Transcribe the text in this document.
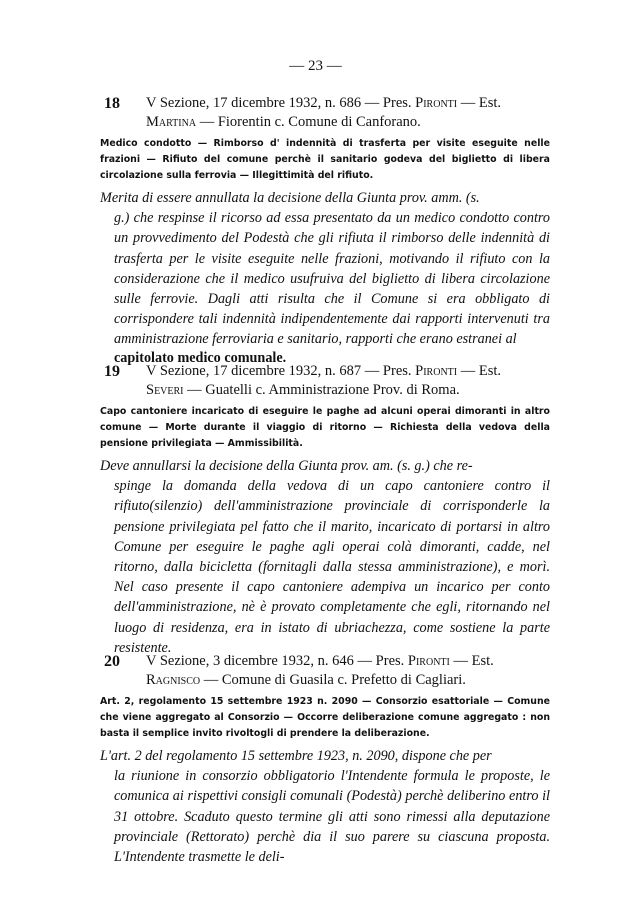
— 23 —
18 V Sezione, 17 dicembre 1932, n. 686 — Pres. Pironti — Est.
Martina — Fiorentin c. Comune di Canforano.
Medico condotto — Rimborso d' indennità di trasferta per visite eseguite nelle frazioni — Rifiuto del comune perchè il sanitario godeva del biglietto di libera circolazione sulla ferrovia — Illegittimità del rifiuto.
Merita di essere annullata la decisione della Giunta prov. amm. (s.
g.) che respinse il ricorso ad essa presentato da un medico condotto contro un provvedimento del Podestà che gli rifiuta il rimborso delle indennità di trasferta per le visite eseguite nelle frazioni, motivando il rifiuto con la considerazione che il medico usufruiva del biglietto di libera circolazione sulle ferrovie. Dagli atti risulta che il Comune si era obbligato di corrispondere tali indennità indipendentemente dai rapporti intervenuti tra amministrazione ferroviaria e sanitario, rapporti che erano estranei al
capitolato medico comunale.
19 V Sezione, 17 dicembre 1932, n. 687 — Pres. Pironti — Est.
Severi — Guatelli c. Amministrazione Prov. di Roma.
Capo cantoniere incaricato di eseguire le paghe ad alcuni operai dimoranti in altro comune — Morte durante il viaggio di ritorno — Richiesta della vedova della pensione privilegiata — Ammissibilità.
Deve annullarsi la decisione della Giunta prov. am. (s. g.) che re-
spinge la domanda della vedova di un capo cantoniere contro il rifiuto(silenzio) dell'amministrazione provinciale di corrisponderle la pensione privilegiata pel fatto che il marito, incaricato di portarsi in altro Comune per eseguire le paghe agli operai colà dimoranti, cadde, nel ritorno, dalla bicicletta (fornitagli dalla stessa amministrazione), e morì. Nel caso presente il capo cantoniere adempiva un incarico per conto dell'amministrazione, nè è provato completamente che egli, ritornando nel luogo di residenza, era in istato di ubriachezza, come sostiene la parte resistente.
20 V Sezione, 3 dicembre 1932, n. 646 — Pres. Pironti — Est.
Ragnisco — Comune di Guasila c. Prefetto di Cagliari.
Art. 2, regolamento 15 settembre 1923 n. 2090 — Consorzio esattoriale — Comune che viene aggregato al Consorzio — Occorre deliberazione comune aggregato : non basta il semplice invito rivoltogli di prendere la deliberazione.
L'art. 2 del regolamento 15 settembre 1923, n. 2090, dispone che per
la riunione in consorzio obbligatorio l'Intendente formula le proposte, le comunica ai rispettivi consigli comunali (Podestà) perchè deliberino entro il 31 ottobre. Scaduto questo termine gli atti sono rimessi alla deputazione provinciale (Rettorato) perchè dia il suo parere su ciascuna proposta. L'Intendente trasmette le deli-
